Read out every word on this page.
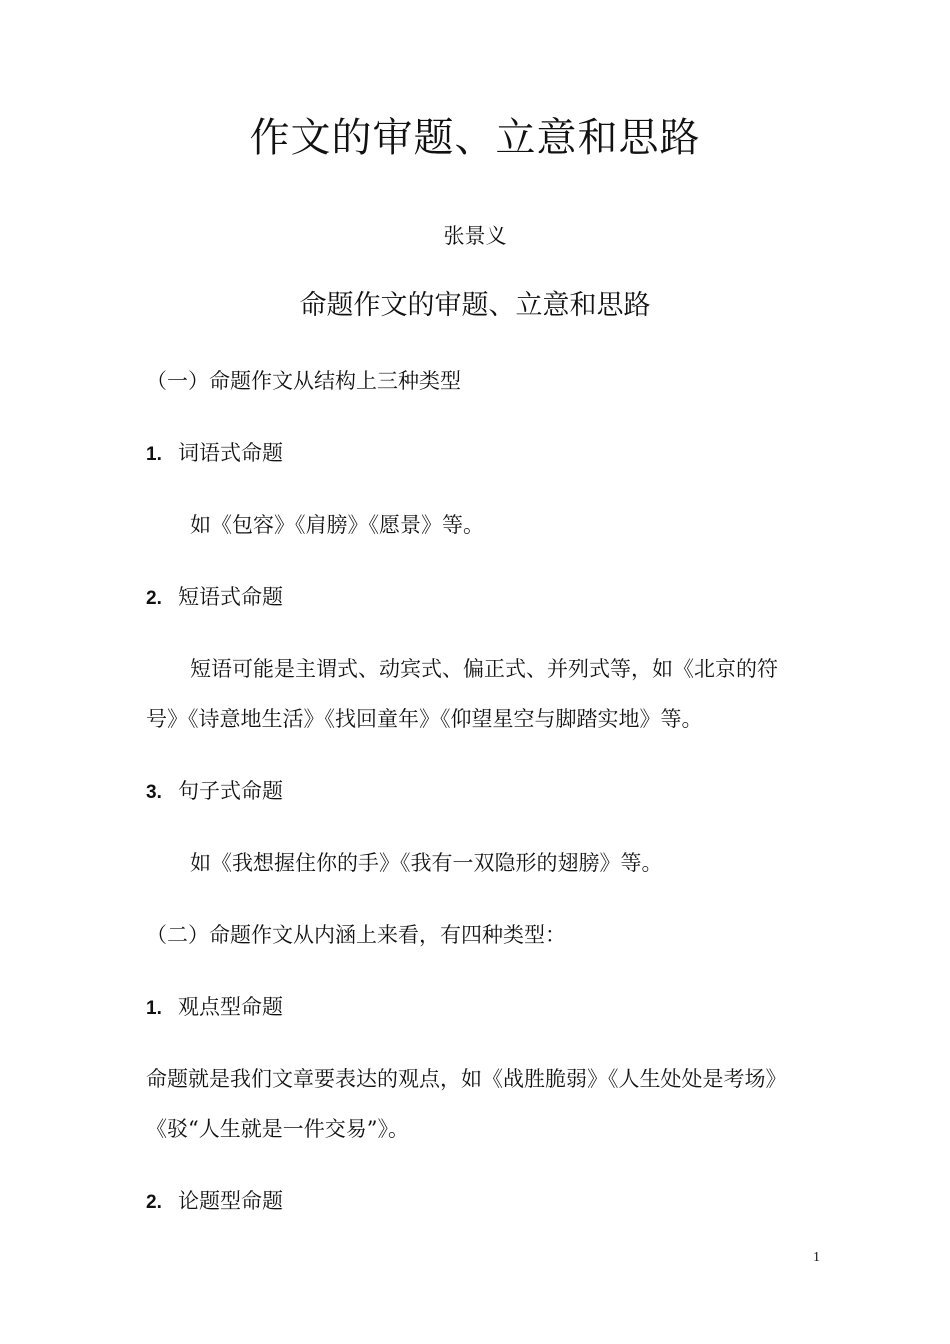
作文的审题、立意和思路
张景义
命题作文的审题、立意和思路
（一）命题作文从结构上三种类型
1. 词语式命题
如《包容》《肩膀》《愿景》等。
2. 短语式命题
短语可能是主谓式、动宾式、偏正式、并列式等，如《北京的符
号》《诗意地生活》《找回童年》《仰望星空与脚踏实地》等。
3. 句子式命题
如《我想握住你的手》《我有一双隐形的翅膀》等。
（二）命题作文从内涵上来看，有四种类型：
1. 观点型命题
命题就是我们文章要表达的观点，如《战胜脆弱》《人生处处是考场》
《驳“人生就是一件交易”》。
2. 论题型命题
1
